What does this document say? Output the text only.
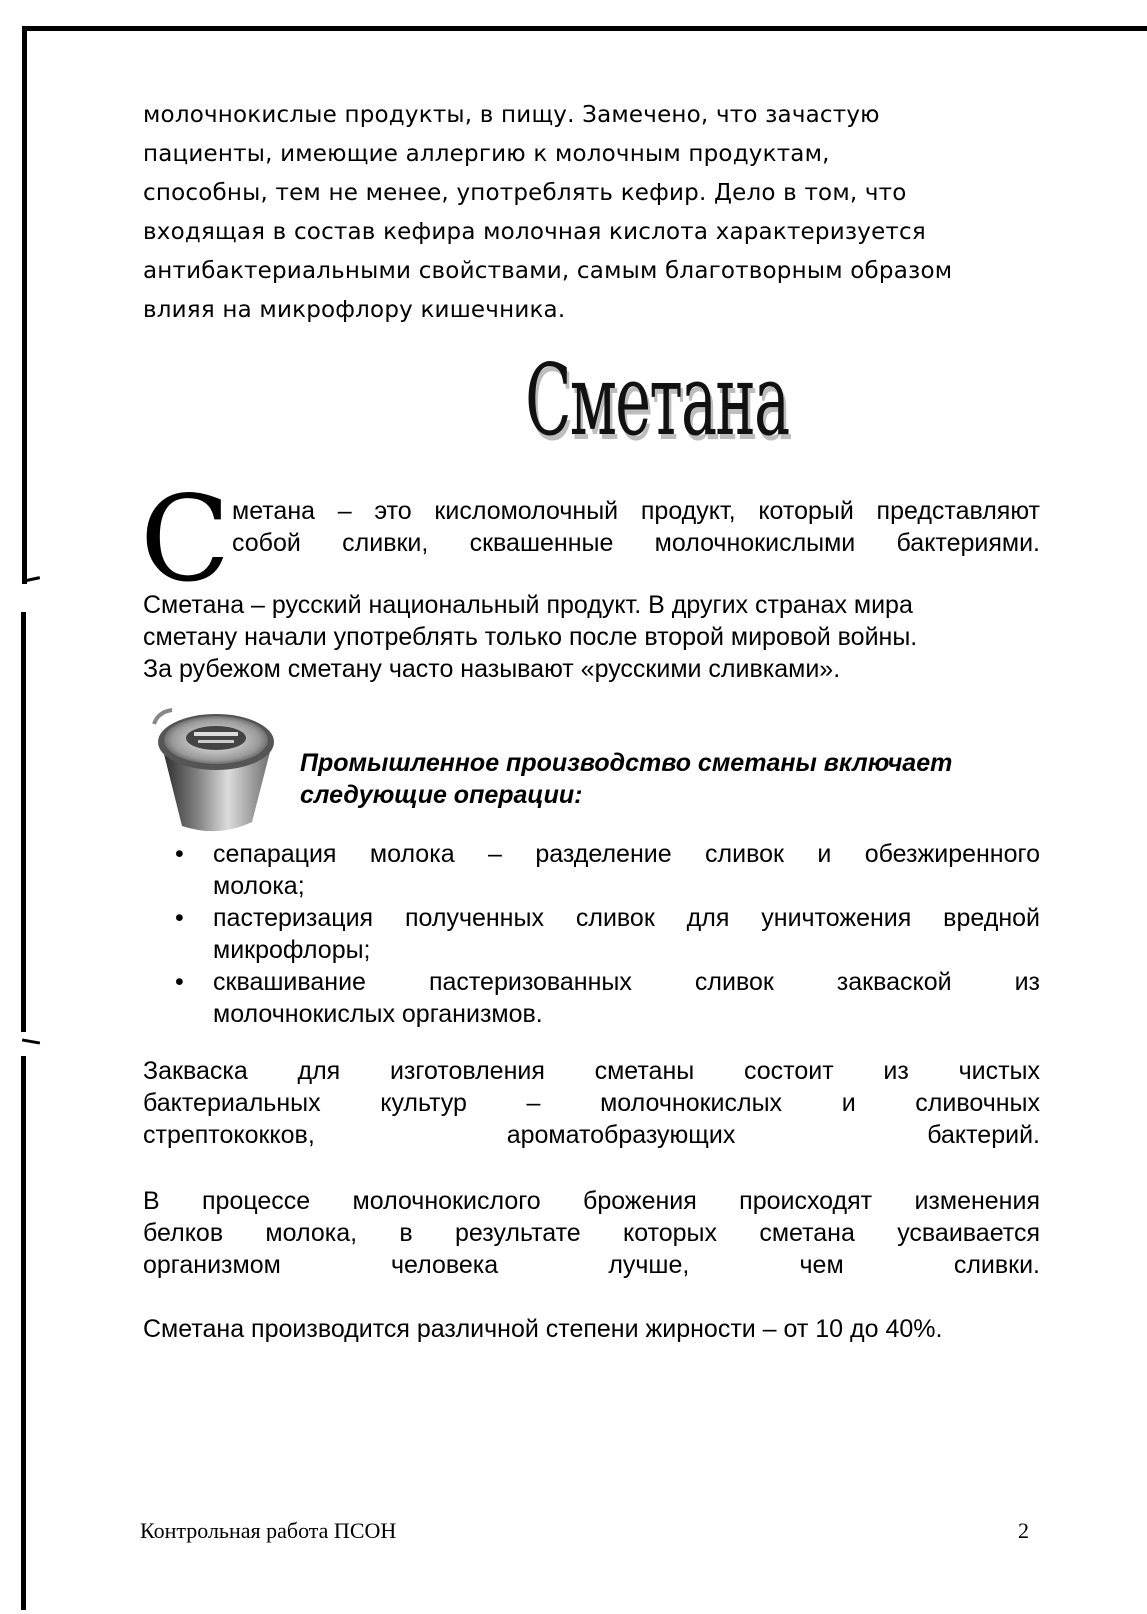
молочнокислые продукты, в пищу. Замечено, что зачастую

пациенты, имеющие аллергию к молочным продуктам,

способны, тем не менее, употреблять кефир. Дело в том, что

входящая в состав кефира молочная кислота характеризуется

антибактериальными свойствами, самым благотворным образом

влияя на микрофлору кишечника.

Сметана
С метана – это кисломолочный продукт, который представляют
собой сливки, сквашенные молочнокислыми бактериями.
Сметана – русский национальный продукт. В других странах мира
сметану начали употреблять только после второй мировой войны.
За рубежом сметану часто называют «русскими сливками».
Промышленное производство сметаны включает
следующие операции:
• сепарация молока – разделение сливок и обезжиренного
молока;
• пастеризация полученных сливок для уничтожения вредной
микрофлоры;
• сквашивание пастеризованных сливок закваской из
молочнокислых организмов.
Закваска для изготовления сметаны состоит из чистых
бактериальных культур – молочнокислых и сливочных
стрептококков, ароматобразующих бактерий.
В процессе молочнокислого брожения происходят изменения
белков молока, в результате которых сметана усваивается
организмом человека лучше, чем сливки.
Сметана производится различной степени жирности – от 10 до 40%.
Контрольная работа ПСОН	2
